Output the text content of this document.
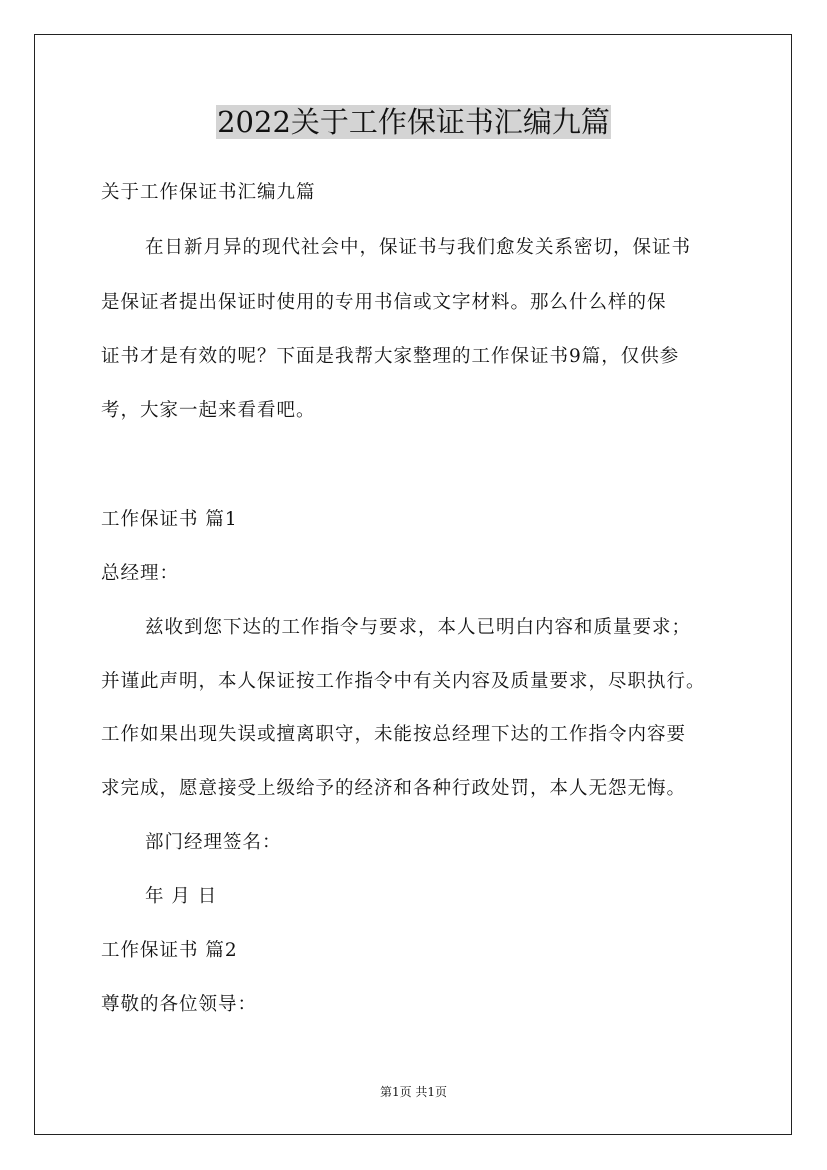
2022关于工作保证书汇编九篇
关于工作保证书汇编九篇
在日新月异的现代社会中，保证书与我们愈发关系密切，保证书
是保证者提出保证时使用的专用书信或文字材料。那么什么样的保
证书才是有效的呢？下面是我帮大家整理的工作保证书9篇，仅供参
考，大家一起来看看吧。
工作保证书 篇1
总经理：
兹收到您下达的工作指令与要求，本人已明白内容和质量要求；
并谨此声明，本人保证按工作指令中有关内容及质量要求，尽职执行。
工作如果出现失误或擅离职守，未能按总经理下达的工作指令内容要
求完成，愿意接受上级给予的经济和各种行政处罚，本人无怨无悔。
部门经理签名：
年 月 日
工作保证书 篇2
尊敬的各位领导：
第1页 共1页
